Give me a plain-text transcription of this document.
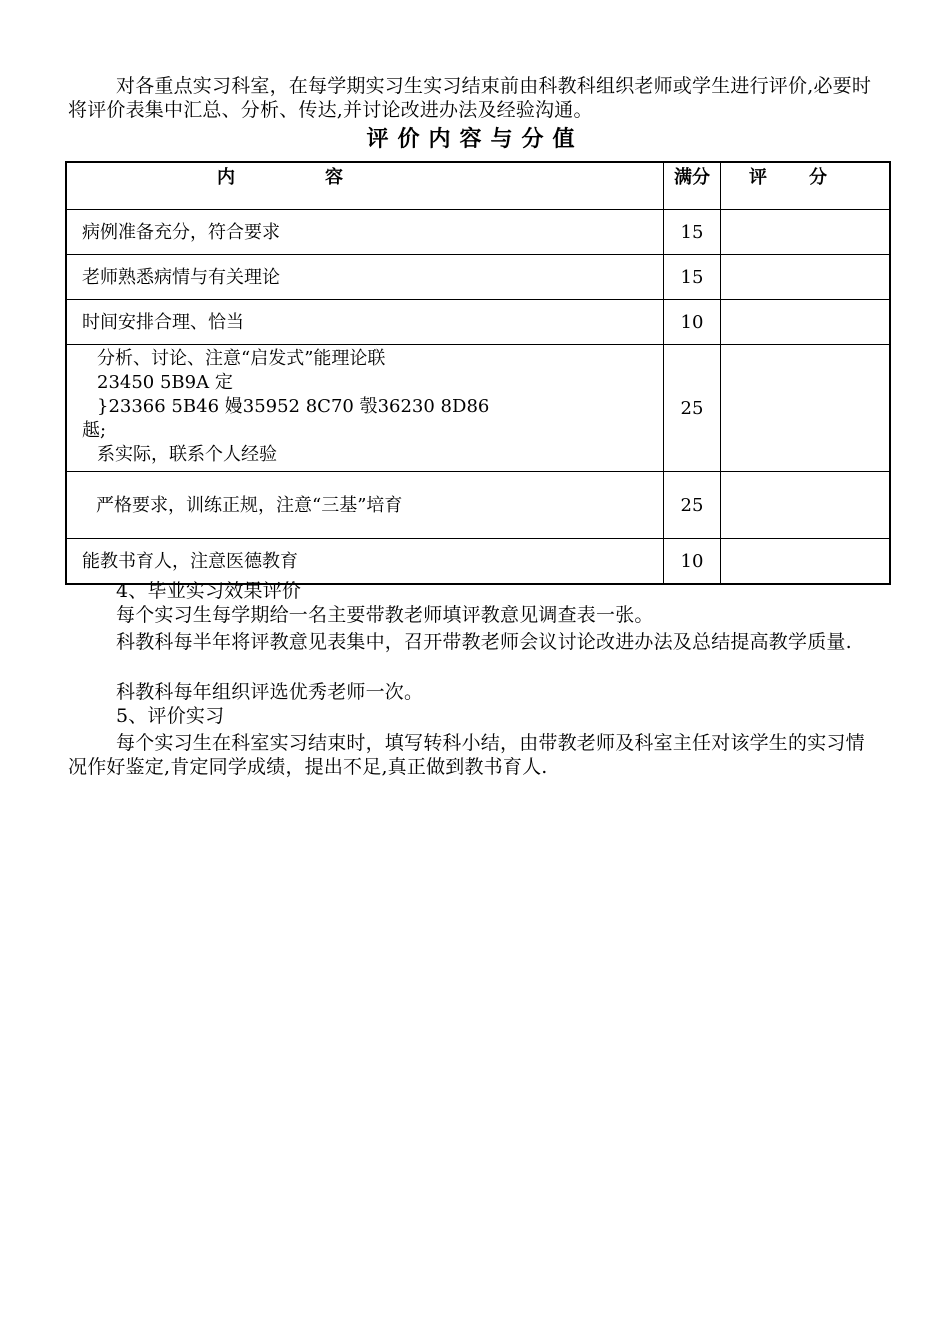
对各重点实习科室，在每学期实习生实习结束前由科教科组织老师或学生进行评价,必要时将评价表集中汇总、分析、传达,并讨论改进办法及经验沟通。

评价内容与分值
内 容	满分	评 分
病例准备充分，符合要求	15	
老师熟悉病情与有关理论	15	
时间安排合理、恰当	10	

分析、讨论、注意“启发式”能理论联
23450 5B9A 定
}23366 5B46 嫚35952 8C70 彀36230 8D86
趆;
系实际，联系个人经验	25	
严格要求，训练正规，注意“三基”培育	25	
能教书育人，注意医德教育	10	

4、毕业实习效果评价

每个实习生每学期给一名主要带教老师填评教意见调查表一张。

科教科每半年将评教意见表集中，召开带教老师会议讨论改进办法及总结提高教学质量.

科教科每年组织评选优秀老师一次。

5、评价实习

每个实习生在科室实习结束时，填写转科小结，由带教老师及科室主任对该学生的实习情况作好鉴定,肯定同学成绩，提出不足,真正做到教书育人.
